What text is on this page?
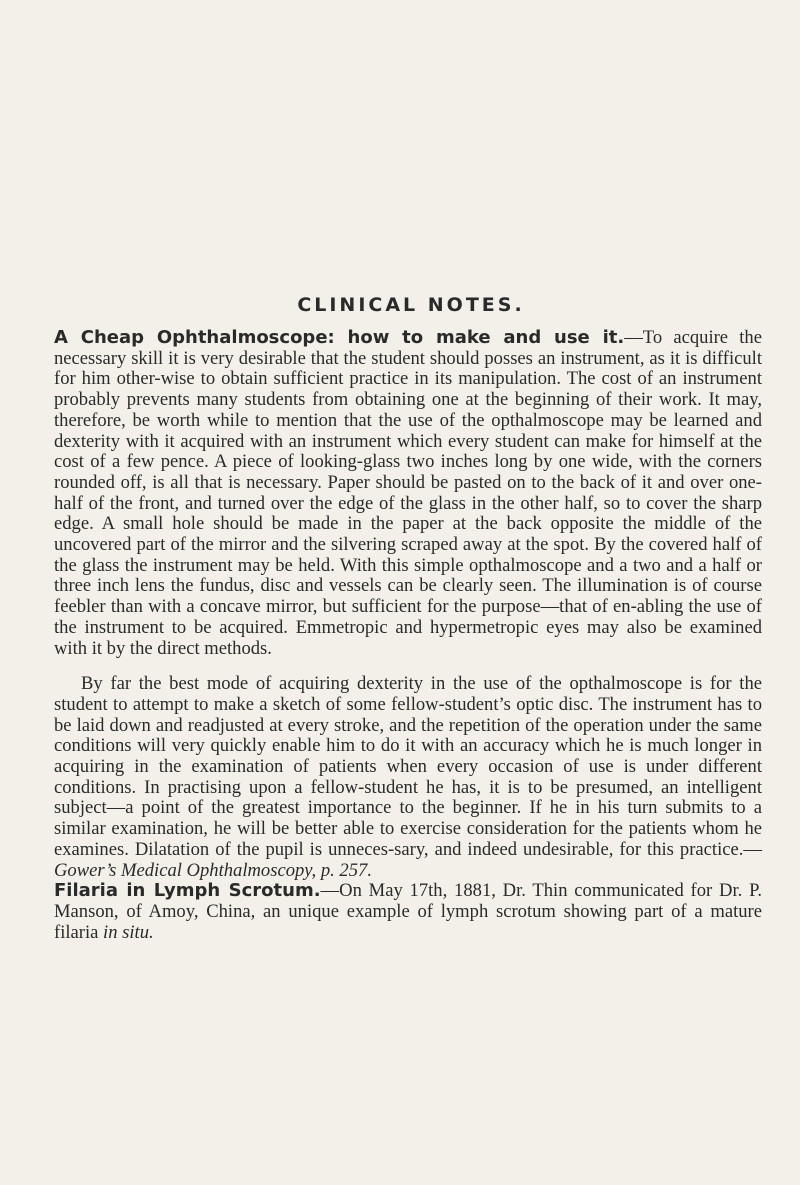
CLINICAL NOTES.

A Cheap Ophthalmoscope: how to make and use it.—To acquire the necessary skill it is very desirable that the student should posses an instrument, as it is difficult for him other-wise to obtain sufficient practice in its manipulation. The cost of an instrument probably prevents many students from obtaining one at the beginning of their work. It may, therefore, be worth while to mention that the use of the opthalmoscope may be learned and dexterity with it acquired with an instrument which every student can make for himself at the cost of a few pence. A piece of looking-glass two inches long by one wide, with the corners rounded off, is all that is necessary. Paper should be pasted on to the back of it and over one-half of the front, and turned over the edge of the glass in the other half, so to cover the sharp edge. A small hole should be made in the paper at the back opposite the middle of the uncovered part of the mirror and the silvering scraped away at the spot. By the covered half of the glass the instrument may be held. With this simple opthalmoscope and a two and a half or three inch lens the fundus, disc and vessels can be clearly seen. The illumination is of course feebler than with a concave mirror, but sufficient for the purpose—that of en-abling the use of the instrument to be acquired. Emmetropic and hypermetropic eyes may also be examined with it by the direct methods.

By far the best mode of acquiring dexterity in the use of the opthalmoscope is for the student to attempt to make a sketch of some fellow-student’s optic disc. The instrument has to be laid down and readjusted at every stroke, and the repetition of the operation under the same conditions will very quickly enable him to do it with an accuracy which he is much longer in acquiring in the examination of patients when every occasion of use is under different conditions. In practising upon a fellow-student he has, it is to be presumed, an intelligent subject—a point of the greatest importance to the beginner. If he in his turn submits to a similar examination, he will be better able to exercise consideration for the patients whom he examines. Dilatation of the pupil is unneces-sary, and indeed undesirable, for this practice.—Gower’s Medical Ophthalmoscopy, p. 257.

Filaria in Lymph Scrotum.—On May 17th, 1881, Dr. Thin communicated for Dr. P. Manson, of Amoy, China, an unique example of lymph scrotum showing part of a mature filaria in situ.
